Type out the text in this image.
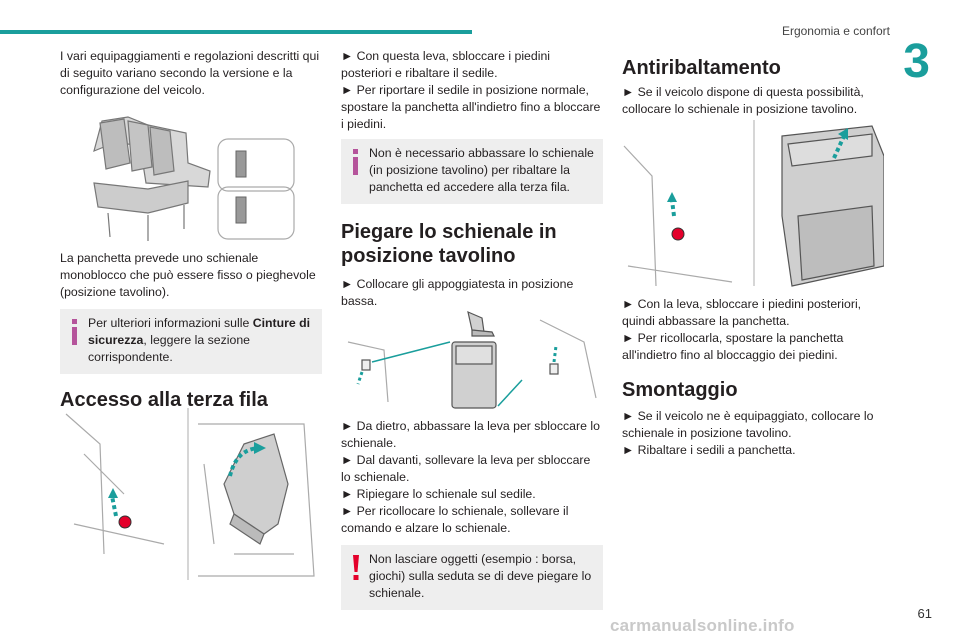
Ergonomia e confort
3

I vari equipaggiamenti e regolazioni descritti qui di seguito variano secondo la versione e la configurazione del veicolo.

La panchetta prevede uno schienale monoblocco che può essere fisso o pieghevole (posizione tavolino).

Per ulteriori informazioni sulle Cinture di sicurezza, leggere la sezione corrispondente.

Accesso alla terza fila

► Con questa leva, sbloccare i piedini posteriori e ribaltare il sedile.

► Per riportare il sedile in posizione normale, spostare la panchetta all'indietro fino a bloccare i piedini.

Non è necessario abbassare lo schienale (in posizione tavolino) per ribaltare la panchetta ed accedere alla terza fila.

Piegare lo schienale in posizione tavolino

► Collocare gli appoggiatesta in posizione bassa.

► Da dietro, abbassare la leva per sbloccare lo schienale.

► Dal davanti, sollevare la leva per sbloccare lo schienale.

► Ripiegare lo schienale sul sedile.

► Per ricollocare lo schienale, sollevare il comando e alzare lo schienale.

Non lasciare oggetti (esempio : borsa, giochi) sulla seduta se di deve piegare lo schienale.

Antiribaltamento

► Se il veicolo dispone di questa possibilità, collocare lo schienale in posizione tavolino.

► Con la leva, sbloccare i piedini posteriori, quindi abbassare la panchetta.

► Per ricollocarla, spostare la panchetta all'indietro fino al bloccaggio dei piedini.

Smontaggio

► Se il veicolo ne è equipaggiato, collocare lo schienale in posizione tavolino.

► Ribaltare i sedili a panchetta.

61
carmanualsonline.info
